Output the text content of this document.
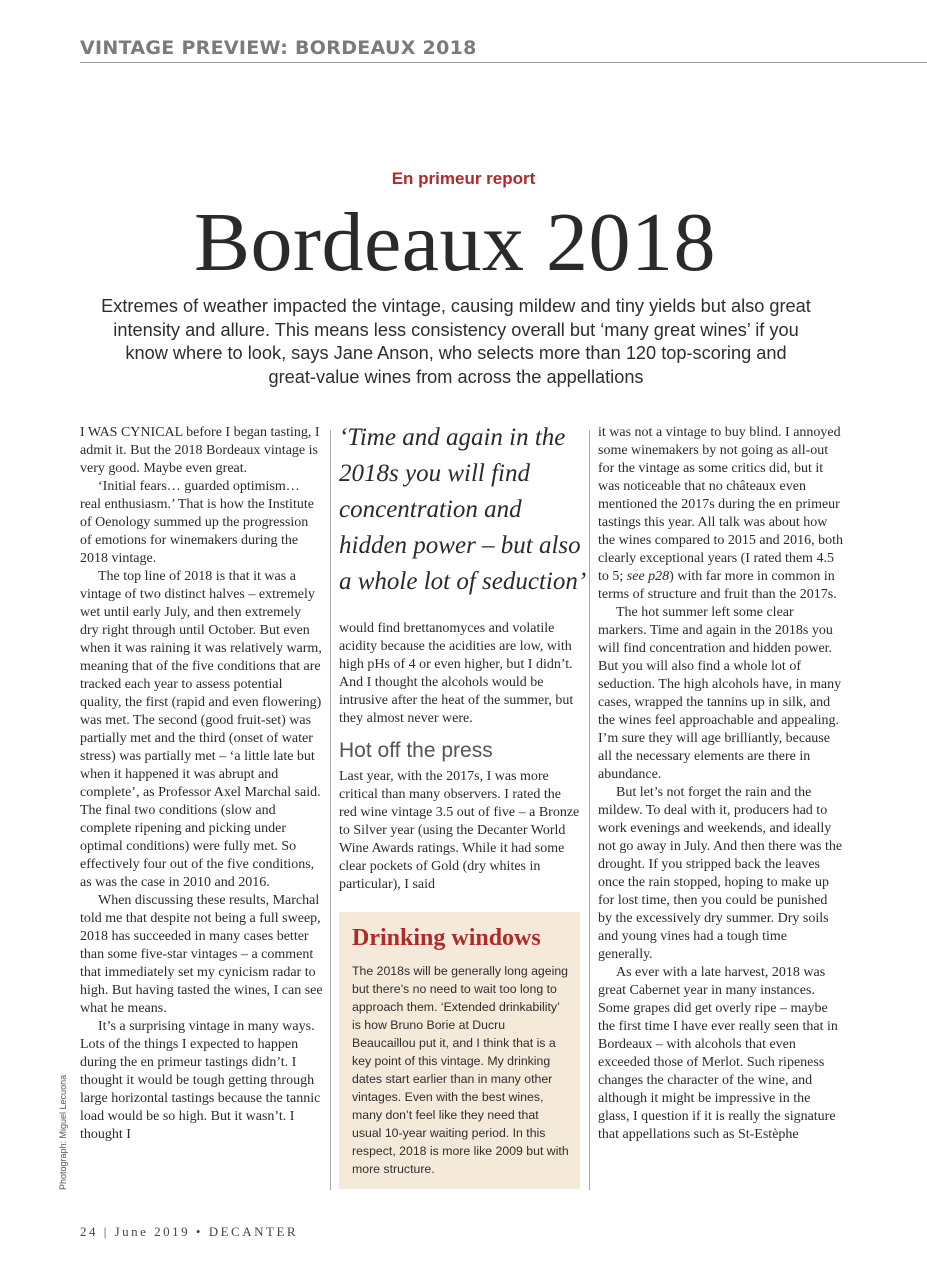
VINTAGE PREVIEW: BORDEAUX 2018
En primeur report
Bordeaux 2018
Extremes of weather impacted the vintage, causing mildew and tiny yields but also great intensity and allure. This means less consistency overall but ‘many great wines’ if you know where to look, says Jane Anson, who selects more than 120 top-scoring and great-value wines from across the appellations

I WAS CYNICAL before I began tasting, I admit it. But the 2018 Bordeaux vintage is very good. Maybe even great.

‘Initial fears… guarded optimism… real enthusiasm.’ That is how the Institute of Oenology summed up the progression of emotions for winemakers during the 2018 vintage.

The top line of 2018 is that it was a vintage of two distinct halves – extremely wet until early July, and then extremely dry right through until October. But even when it was raining it was relatively warm, meaning that of the five conditions that are tracked each year to assess potential quality, the first (rapid and even flowering) was met. The second (good fruit-set) was partially met and the third (onset of water stress) was partially met – ‘a little late but when it happened it was abrupt and complete’, as Professor Axel Marchal said. The final two conditions (slow and complete ripening and picking under optimal conditions) were fully met. So effectively four out of the five conditions, as was the case in 2010 and 2016.

When discussing these results, Marchal told me that despite not being a full sweep, 2018 has succeeded in many cases better than some five-star vintages – a comment that immediately set my cynicism radar to high. But having tasted the wines, I can see what he means.

It’s a surprising vintage in many ways. Lots of the things I expected to happen during the en primeur tastings didn’t. I thought it would be tough getting through large horizontal tastings because the tannic load would be so high. But it wasn’t. I thought I

‘Time and again in the 2018s you will find concentration and hidden power – but also a whole lot of seduction’

would find brettanomyces and volatile acidity because the acidities are low, with high pHs of 4 or even higher, but I didn’t. And I thought the alcohols would be intrusive after the heat of the summer, but they almost never were.

Hot off the press

Last year, with the 2017s, I was more critical than many observers. I rated the red wine vintage 3.5 out of five – a Bronze to Silver year (using the Decanter World Wine Awards ratings. While it had some clear pockets of Gold (dry whites in particular), I said

Drinking windows
The 2018s will be generally long ageing but there’s no need to wait too long to approach them. ‘Extended drinkability’ is how Bruno Borie at Ducru Beaucaillou put it, and I think that is a key point of this vintage. My drinking dates start earlier than in many other vintages. Even with the best wines, many don’t feel like they need that usual 10-year waiting period. In this respect, 2018 is more like 2009 but with more structure.

it was not a vintage to buy blind. I annoyed some winemakers by not going as all-out for the vintage as some critics did, but it was noticeable that no châteaux even mentioned the 2017s during the en primeur tastings this year. All talk was about how the wines compared to 2015 and 2016, both clearly exceptional years (I rated them 4.5 to 5; see p28) with far more in common in terms of structure and fruit than the 2017s.

The hot summer left some clear markers. Time and again in the 2018s you will find concentration and hidden power. But you will also find a whole lot of seduction. The high alcohols have, in many cases, wrapped the tannins up in silk, and the wines feel approachable and appealing. I’m sure they will age brilliantly, because all the necessary elements are there in abundance.

But let’s not forget the rain and the mildew. To deal with it, producers had to work evenings and weekends, and ideally not go away in July. And then there was the drought. If you stripped back the leaves once the rain stopped, hoping to make up for lost time, then you could be punished by the excessively dry summer. Dry soils and young vines had a tough time generally.

As ever with a late harvest, 2018 was great Cabernet year in many instances. Some grapes did get overly ripe – maybe the first time I have ever really seen that in Bordeaux – with alcohols that even exceeded those of Merlot. Such ripeness changes the character of the wine, and although it might be impressive in the glass, I question if it is really the signature that appellations such as St-Estèphe

Photograph: Miguel Lecuona
24 | June 2019 • DECANTER
